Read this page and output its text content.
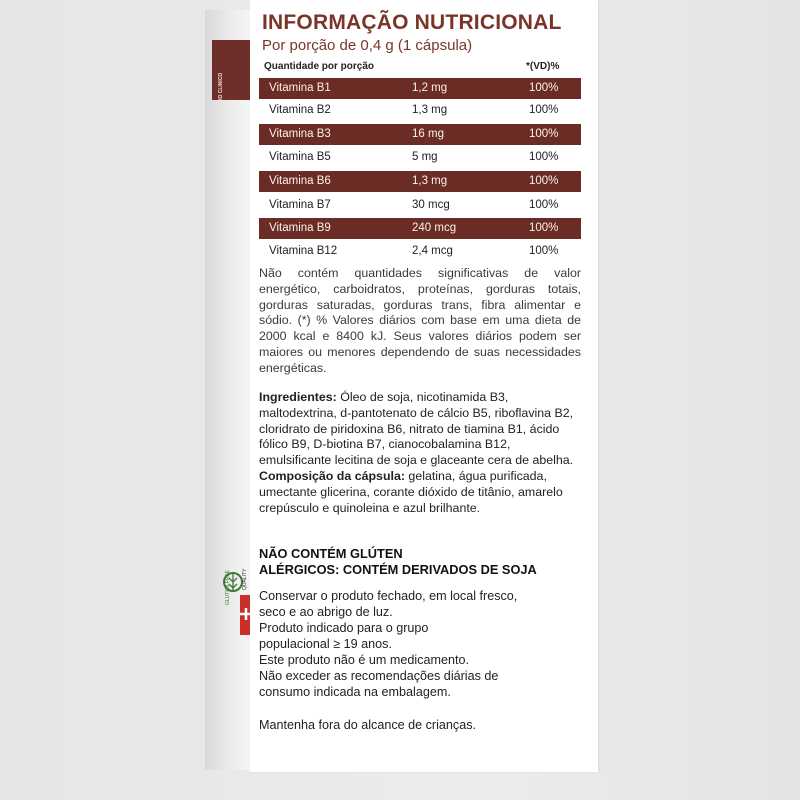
NECESSITA APOIO CLINICO
GLUTEN FREE QUALITY
INFORMAÇÃO NUTRICIONAL
Por porção de 0,4 g (1 cápsula)
Quantidade por porção	*(VD)%
Vitamina B1	1,2 mg	100%
Vitamina B2	1,3 mg	100%
Vitamina B3	16 mg	100%
Vitamina B5	5 mg	100%
Vitamina B6	1,3 mg	100%
Vitamina B7	30 mcg	100%
Vitamina B9	240 mcg	100%
Vitamina B12	2,4 mcg	100%
Não contém quantidades significativas de valor energético, carboidratos, proteínas, gorduras totais, gorduras saturadas, gorduras trans, fibra alimentar e sódio. (*) % Valores diários com base em uma dieta de 2000 kcal e 8400 kJ. Seus valores diários podem ser maiores ou menores dependendo de suas necessidades energéticas.
Ingredientes: Óleo de soja, nicotinamida B3, maltodextrina, d-pantotenato de cálcio B5, riboflavina B2, cloridrato de piridoxina B6, nitrato de tiamina B1, ácido fólico B9, D-biotina B7, cianocobalamina B12, emulsificante lecitina de soja e glaceante cera de abelha. Composição da cápsula: gelatina, água purificada, umectante glicerina, corante dióxido de titânio, amarelo crepúsculo e quinoleina e azul brilhante.
NÃO CONTÉM GLÚTEN
ALÉRGICOS: CONTÉM DERIVADOS DE SOJA
Conservar o produto fechado, em local fresco,
seco e ao abrigo de luz.
Produto indicado para o grupo
populacional ≥ 19 anos.
Este produto não é um medicamento.
Não exceder as recomendações diárias de
consumo indicada na embalagem.
Mantenha fora do alcance de crianças.
